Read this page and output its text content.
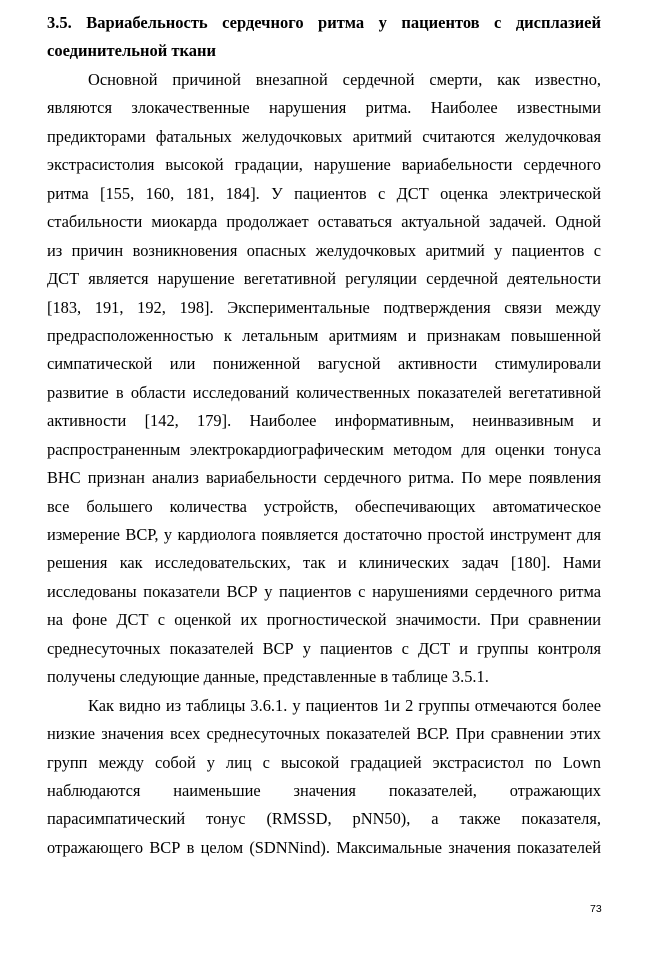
3.5. Вариабельность сердечного ритма у пациентов с дисплазией
соединительной ткани
Основной причиной внезапной сердечной смерти, как известно,
являются злокачественные нарушения ритма. Наиболее известными
предикторами фатальных желудочковых аритмий считаются желудочковая
экстрасистолия высокой градации, нарушение вариабельности сердечного
ритма [155, 160, 181, 184]. У пациентов с ДСТ оценка электрической
стабильности миокарда продолжает оставаться актуальной задачей. Одной
из причин возникновения опасных желудочковых аритмий у пациентов с
ДСТ является нарушение вегетативной регуляции сердечной деятельности
[183, 191, 192, 198]. Экспериментальные подтверждения связи между
предрасположенностью к летальным аритмиям и признакам повышенной
симпатической или пониженной вагусной активности стимулировали
развитие в области исследований количественных показателей вегетативной
активности [142, 179]. Наиболее информативным, неинвазивным и
распространенным электрокардиографическим методом для оценки тонуса
ВНС признан анализ вариабельности сердечного ритма. По мере появления
все большего количества устройств, обеспечивающих автоматическое
измерение ВСР, у кардиолога появляется достаточно простой инструмент для
решения как исследовательских, так и клинических задач [180]. Нами
исследованы показатели ВСР у пациентов с нарушениями сердечного ритма
на фоне ДСТ с оценкой их прогностической значимости. При сравнении
среднесуточных показателей ВСР у пациентов с ДСТ и группы контроля
получены следующие данные, представленные в таблице 3.5.1.
Как видно из таблицы 3.6.1. у пациентов 1и 2 группы отмечаются более
низкие значения всех среднесуточных показателей ВСР. При сравнении этих
групп между собой у лиц с высокой градацией экстрасистол по Lown
наблюдаются наименьшие значения показателей, отражающих
парасимпатический тонус (RMSSD, pNN50), а также показателя,
отражающего ВСР в целом (SDNNind). Максимальные значения показателей
73
